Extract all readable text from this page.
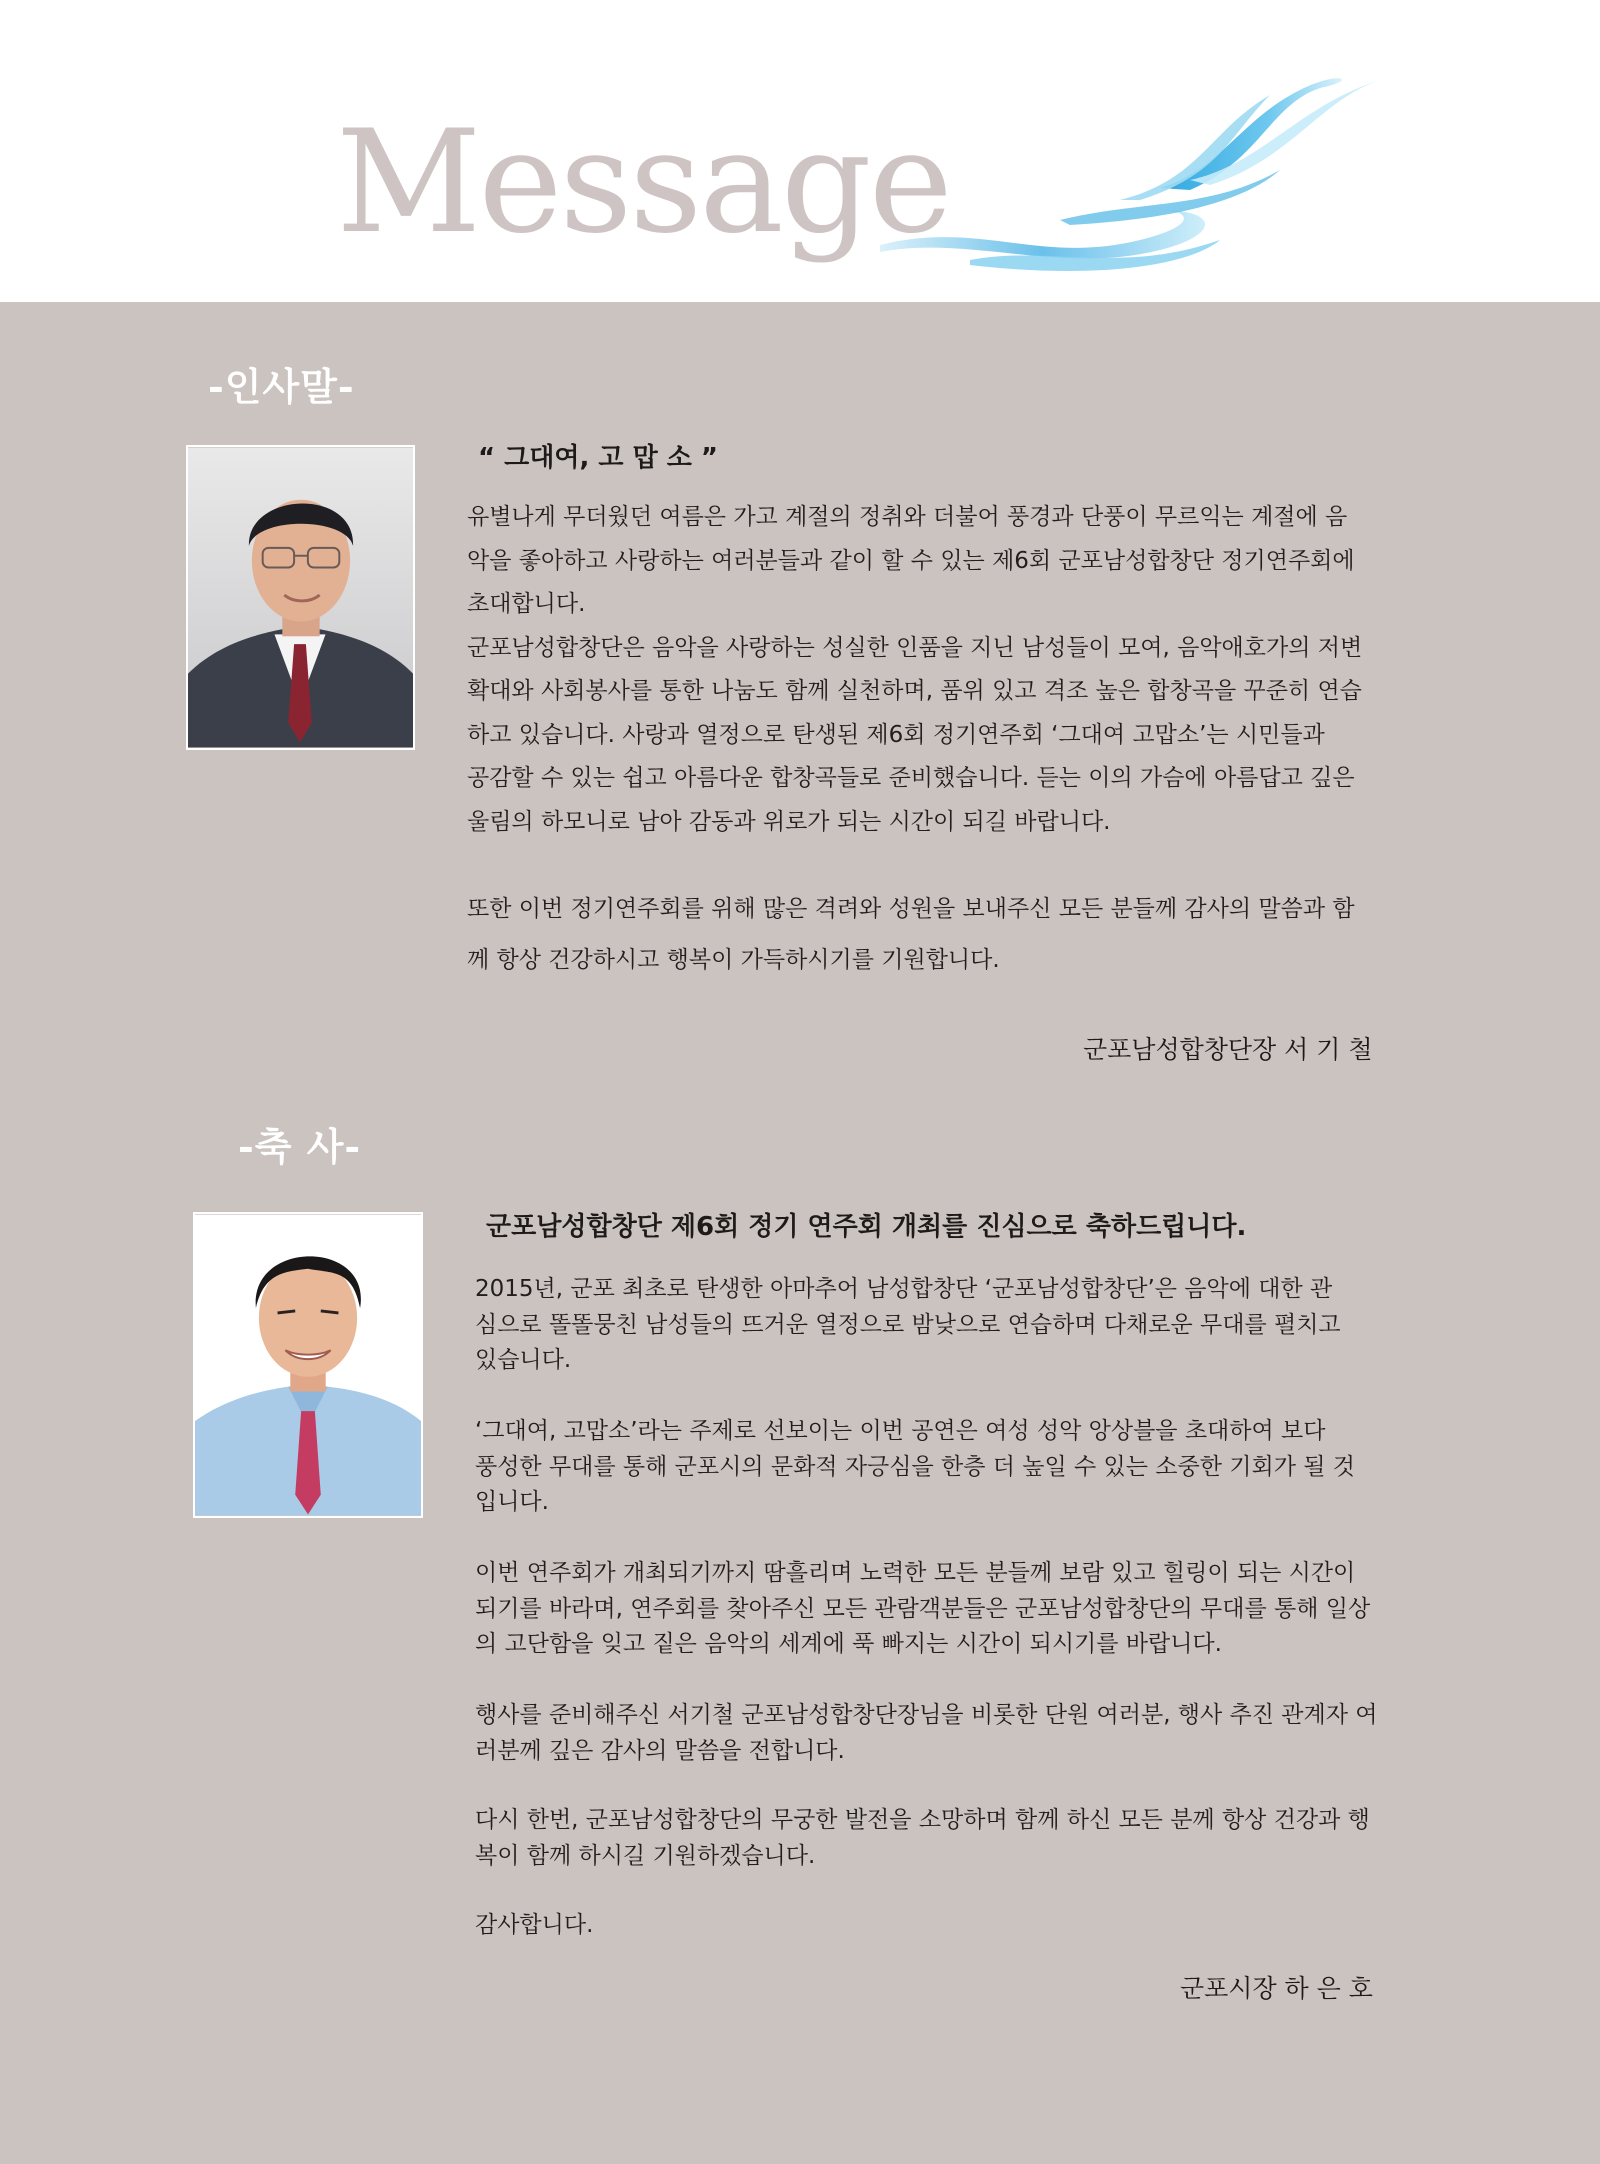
Message
-인사말-
“ 그대여, 고 맙 소 ”

유별나게 무더웠던 여름은 가고 계절의 정취와 더불어 풍경과 단풍이 무르익는 계절에 음

악을 좋아하고 사랑하는 여러분들과 같이 할 수 있는 제6회 군포남성합창단 정기연주회에

초대합니다.

군포남성합창단은 음악을 사랑하는 성실한 인품을 지닌 남성들이 모여, 음악애호가의 저변

확대와 사회봉사를 통한 나눔도 함께 실천하며, 품위 있고 격조 높은 합창곡을 꾸준히 연습

하고 있습니다. 사랑과 열정으로 탄생된 제6회 정기연주회 ‘그대여 고맙소’는 시민들과

공감할 수 있는 쉽고 아름다운 합창곡들로 준비했습니다. 듣는 이의 가슴에 아름답고 깊은

울림의 하모니로 남아 감동과 위로가 되는 시간이 되길 바랍니다.

또한 이번 정기연주회를 위해 많은 격려와 성원을 보내주신 모든 분들께 감사의 말씀과 함

께 항상 건강하시고 행복이 가득하시기를 기원합니다.

군포남성합창단장 서 기 철
-축 사-
군포남성합창단 제6회 정기 연주회 개최를 진심으로 축하드립니다.

2015년, 군포 최초로 탄생한 아마추어 남성합창단 ‘군포남성합창단’은 음악에 대한 관

심으로 똘똘뭉친 남성들의 뜨거운 열정으로 밤낮으로 연습하며 다채로운 무대를 펼치고

있습니다.

‘그대여, 고맙소’라는 주제로 선보이는 이번 공연은 여성 성악 앙상블을 초대하여 보다

풍성한 무대를 통해 군포시의 문화적 자긍심을 한층 더 높일 수 있는 소중한 기회가 될 것

입니다.

이번 연주회가 개최되기까지 땀흘리며 노력한 모든 분들께 보람 있고 힐링이 되는 시간이

되기를 바라며, 연주회를 찾아주신 모든 관람객분들은 군포남성합창단의 무대를 통해 일상

의 고단함을 잊고 짙은 음악의 세계에 푹 빠지는 시간이 되시기를 바랍니다.

행사를 준비해주신 서기철 군포남성합창단장님을 비롯한 단원 여러분, 행사 추진 관계자 여

러분께 깊은 감사의 말씀을 전합니다.

다시 한번, 군포남성합창단의 무궁한 발전을 소망하며 함께 하신 모든 분께 항상 건강과 행

복이 함께 하시길 기원하겠습니다.

감사합니다.

군포시장 하 은 호
